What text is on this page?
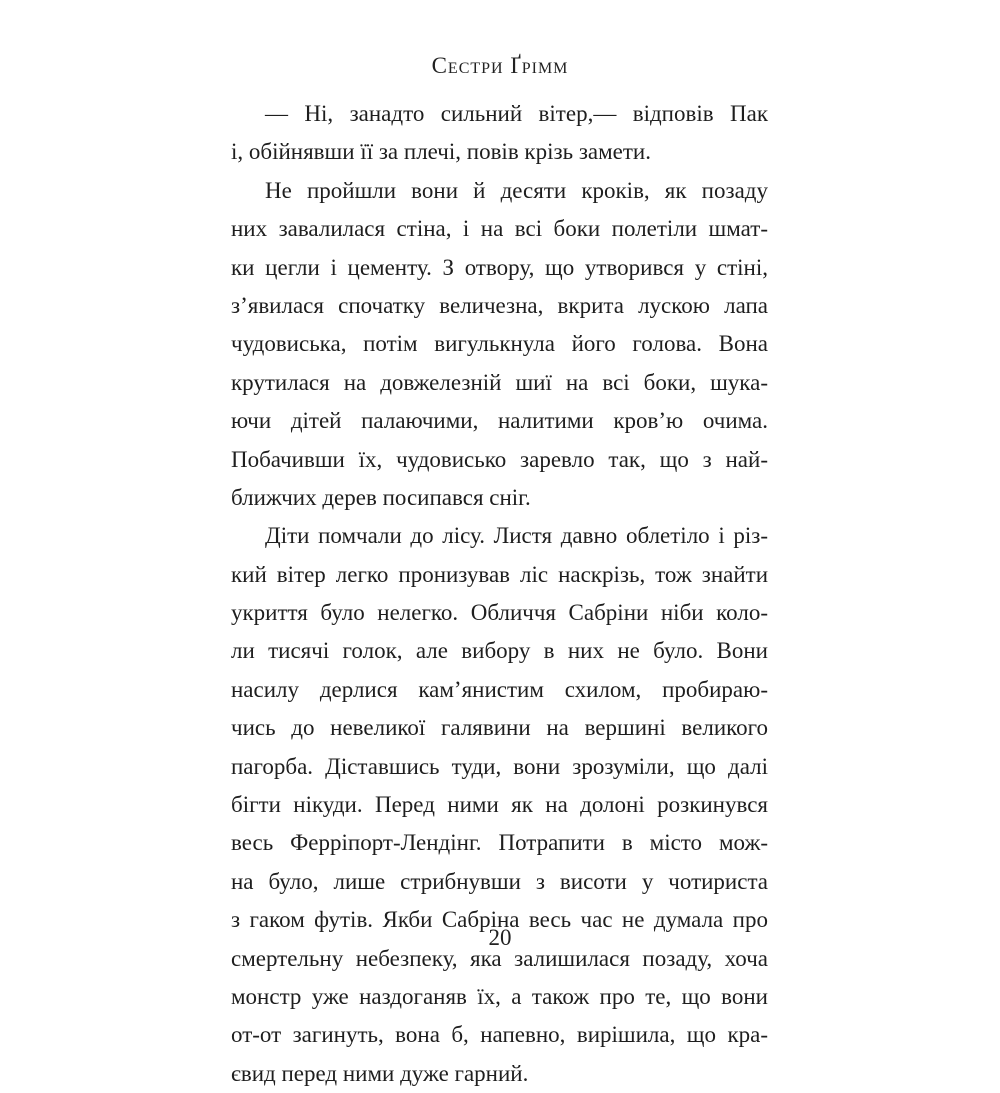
Сестри Ґрімм
— Ні, занадто сильний вітер,— відповів Пак
і, обійнявши її за плечі, повів крізь замети.
Не пройшли вони й десяти кроків, як позаду
них завалилася стіна, і на всі боки полетіли шмат-
ки цегли і цементу. З отвору, що утворився у стіні,
з’явилася спочатку величезна, вкрита лускою лапа
чудовиська, потім вигулькнула його голова. Вона
крутилася на довжелезній шиї на всі боки, шука-
ючи дітей палаючими, налитими кров’ю очима.
Побачивши їх, чудовисько заревло так, що з най-
ближчих дерев посипався сніг.
Діти помчали до лісу. Листя давно облетіло і різ-
кий вітер легко пронизував ліс наскрізь, тож знайти
укриття було нелегко. Обличчя Сабріни ніби коло-
ли тисячі голок, але вибору в них не було. Вони
насилу дерлися кам’янистим схилом, пробираю-
чись до невеликої галявини на вершині великого
пагорба. Діставшись туди, вони зрозуміли, що далі
бігти нікуди. Перед ними як на долоні розкинувся
весь Феррiпорт-Лендінг. Потрапити в місто мож-
на було, лише стрибнувши з висоти у чотириста
з гаком футів. Якби Сабріна весь час не думала про
смертельну небезпеку, яка залишилася позаду, хоча
монстр уже наздоганяв їх, а також про те, що вони
от-от загинуть, вона б, напевно, вирішила, що кра-
євид перед ними дуже гарний.
20
